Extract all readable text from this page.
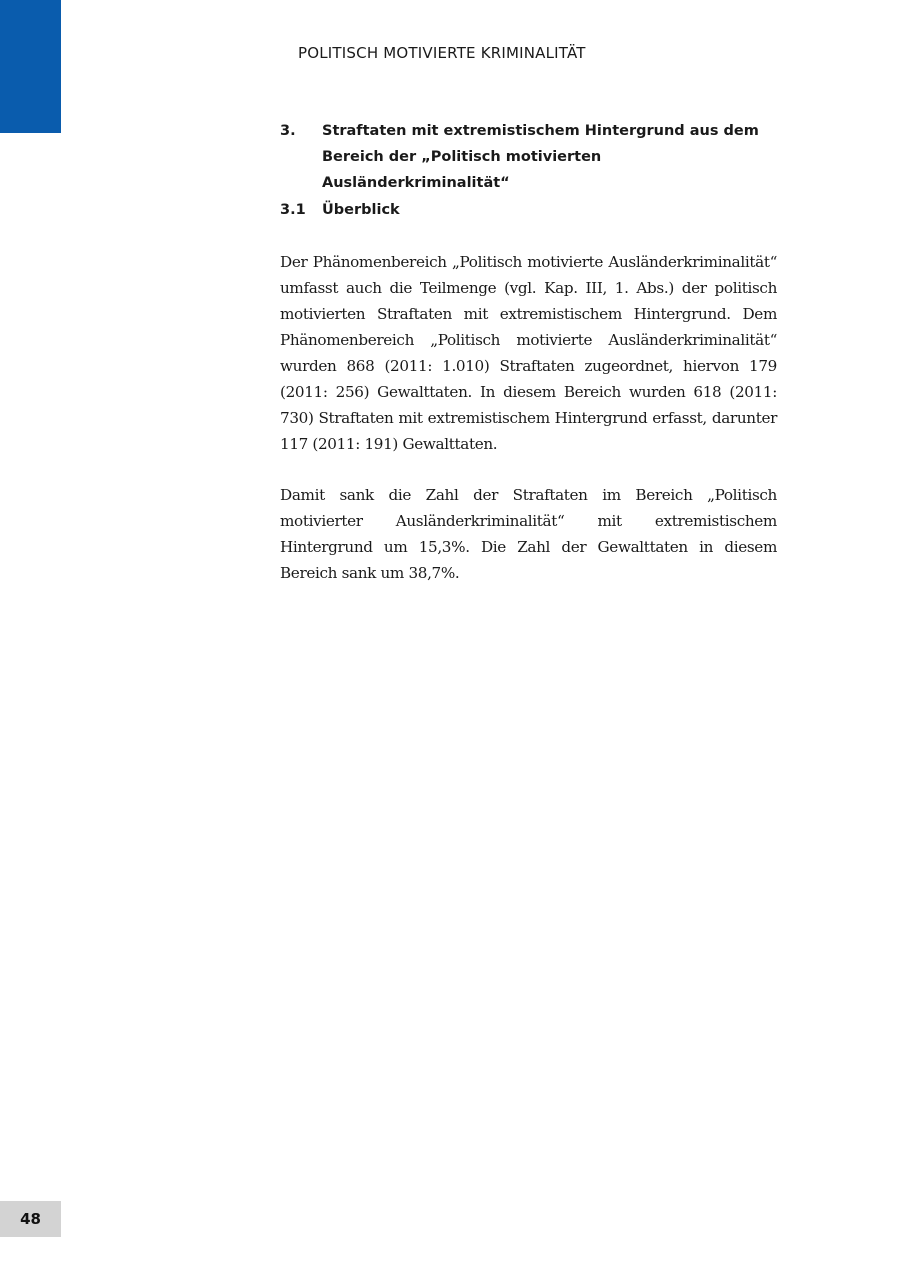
POLITISCH MOTIVIERTE KRIMINALITÄT
3. Straftaten mit extremistischem Hintergrund aus dem Bereich der „Politisch motivierten Ausländerkriminalität“
3.1 Überblick

Der Phänomenbereich „Politisch motivierte Ausländerkriminalität“ umfasst auch die Teilmenge (vgl. Kap. III, 1. Abs.) der politisch motivierten Straftaten mit extremistischem Hintergrund. Dem Phänomenbereich „Politisch motivierte Ausländerkriminalität“ wurden 868 (2011: 1.010) Straftaten zugeordnet, hiervon 179 (2011: 256) Gewalttaten. In diesem Bereich wurden 618 (2011: 730) Straftaten mit extremistischem Hintergrund erfasst, darunter 117 (2011: 191) Gewalttaten.

Damit sank die Zahl der Straftaten im Bereich „Politisch motivierter Ausländerkriminalität“ mit extremistischem Hintergrund um 15,3%. Die Zahl der Gewalttaten in diesem Bereich sank um 38,7%.

48
